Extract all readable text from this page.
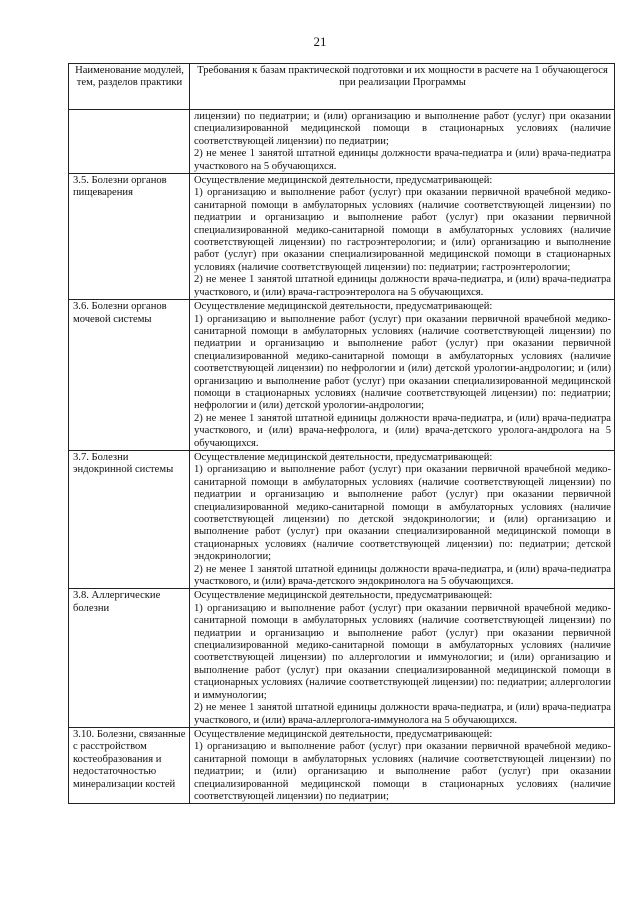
21
Наименование модулей, тем, разделов практики	Требования к базам практической подготовки и их мощности в расчете на 1 обучающегося при реализации Программы

	лицензии) по педиатрии; и (или) организацию и выполнение работ (услуг) при оказании специализированной медицинской помощи в стационарных условиях (наличие соответствующей лицензии) по педиатрии;
2) не менее 1 занятой штатной единицы должности врача-педиатра и (или) врача-педиатра участкового на 5 обучающихся.

3.5. Болезни органов пищеварения	Осуществление медицинской деятельности, предусматривающей:
1) организацию и выполнение работ (услуг) при оказании первичной врачебной медико-санитарной помощи в амбулаторных условиях (наличие соответствующей лицензии) по педиатрии и организацию и выполнение работ (услуг) при оказании первичной специализированной медико-санитарной помощи в амбулаторных условиях (наличие соответствующей лицензии) по гастроэнтерологии; и (или) организацию и выполнение работ (услуг) при оказании специализированной медицинской помощи в стационарных условиях (наличие соответствующей лицензии) по: педиатрии; гастроэнтерологии;
2) не менее 1 занятой штатной единицы должности врача-педиатра, и (или) врача-педиатра участкового, и (или) врача-гастроэнтеролога на 5 обучающихся.

3.6. Болезни органов мочевой системы	Осуществление медицинской деятельности, предусматривающей:
1) организацию и выполнение работ (услуг) при оказании первичной врачебной медико-санитарной помощи в амбулаторных условиях (наличие соответствующей лицензии) по педиатрии и организацию и выполнение работ (услуг) при оказании первичной специализированной медико-санитарной помощи в амбулаторных условиях (наличие соответствующей лицензии) по нефрологии и (или) детской урологии-андрологии; и (или) организацию и выполнение работ (услуг) при оказании специализированной медицинской помощи в стационарных условиях (наличие соответствующей лицензии) по: педиатрии; нефрологии и (или) детской урологии-андрологии;
2) не менее 1 занятой штатной единицы должности врача-педиатра, и (или) врача-педиатра участкового, и (или) врача-нефролога, и (или) врача-детского уролога-андролога на 5 обучающихся.

3.7. Болезни эндокринной системы	Осуществление медицинской деятельности, предусматривающей:
1) организацию и выполнение работ (услуг) при оказании первичной врачебной медико-санитарной помощи в амбулаторных условиях (наличие соответствующей лицензии) по педиатрии и организацию и выполнение работ (услуг) при оказании первичной специализированной медико-санитарной помощи в амбулаторных условиях (наличие соответствующей лицензии) по детской эндокринологии; и (или) организацию и выполнение работ (услуг) при оказании специализированной медицинской помощи в стационарных условиях (наличие соответствующей лицензии) по: педиатрии; детской эндокринологии;
2) не менее 1 занятой штатной единицы должности врача-педиатра, и (или) врача-педиатра участкового, и (или) врача-детского эндокринолога на 5 обучающихся.

3.8. Аллергические болезни	Осуществление медицинской деятельности, предусматривающей:
1) организацию и выполнение работ (услуг) при оказании первичной врачебной медико-санитарной помощи в амбулаторных условиях (наличие соответствующей лицензии) по педиатрии и организацию и выполнение работ (услуг) при оказании первичной специализированной медико-санитарной помощи в амбулаторных условиях (наличие соответствующей лицензии) по аллергологии и иммунологии; и (или) организацию и выполнение работ (услуг) при оказании специализированной медицинской помощи в стационарных условиях (наличие соответствующей лицензии) по: педиатрии; аллергологии и иммунологии;
2) не менее 1 занятой штатной единицы должности врача-педиатра, и (или) врача-педиатра участкового, и (или) врача-аллерголога-иммунолога на 5 обучающихся.

3.10. Болезни, связанные с расстройством костеобразования и недостаточностью минерализации костей	Осуществление медицинской деятельности, предусматривающей:
1) организацию и выполнение работ (услуг) при оказании первичной врачебной медико-санитарной помощи в амбулаторных условиях (наличие соответствующей лицензии) по педиатрии; и (или) организацию и выполнение работ (услуг) при оказании специализированной медицинской помощи в стационарных условиях (наличие соответствующей лицензии) по педиатрии;
